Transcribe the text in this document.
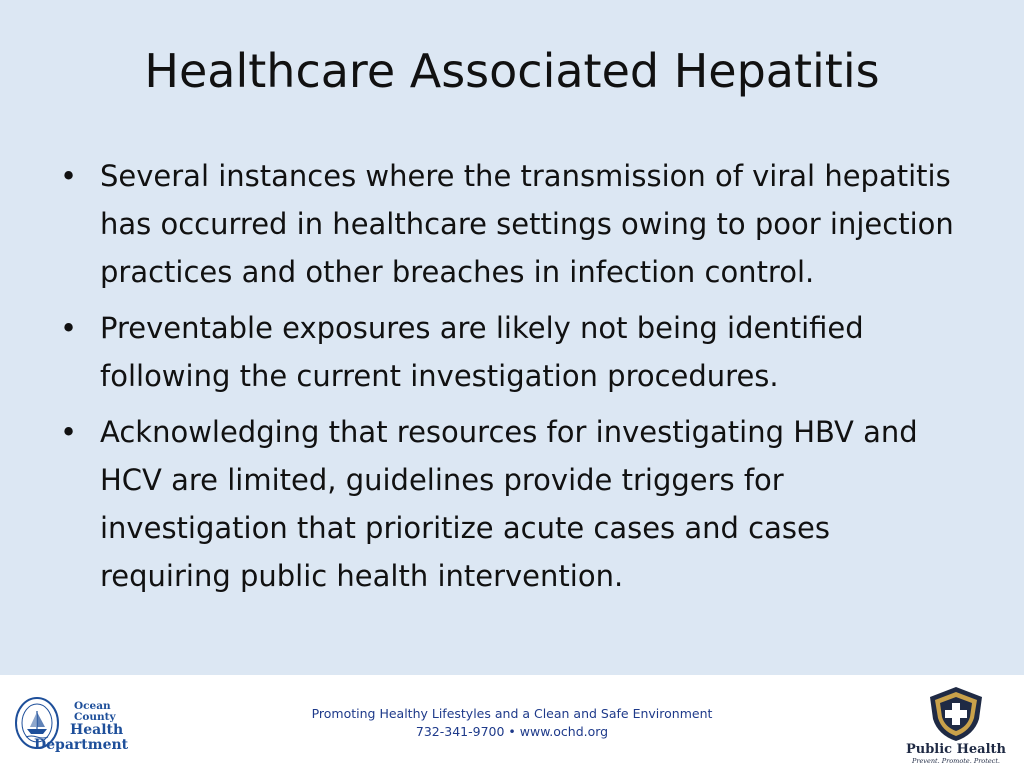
Healthcare Associated Hepatitis
• Several instances where the transmission of viral hepatitis has occurred in healthcare settings owing to poor injection practices and other breaches in infection control.
• Preventable exposures are likely not being identified following the current investigation procedures.
• Acknowledging that resources for investigating HBV and HCV are limited, guidelines provide triggers for investigation that prioritize acute cases and cases requiring public health intervention.
Ocean
County
Health
Department
Promoting Healthy Lifestyles and a Clean and Safe Environment
732-341-9700 • www.ochd.org
Public Health
Prevent. Promote. Protect.
